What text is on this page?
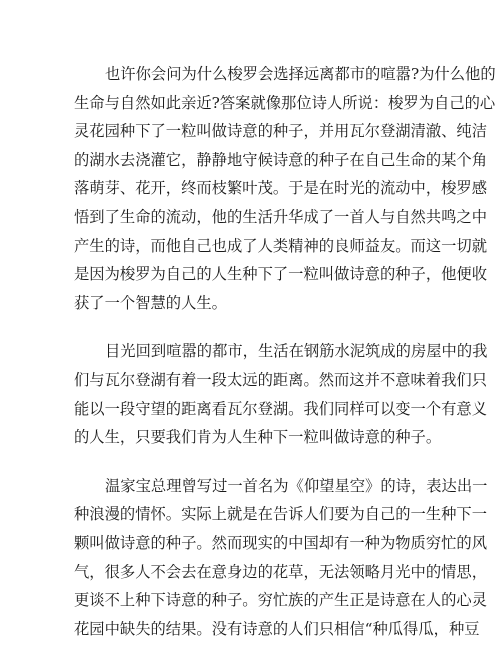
也许你会问为什么梭罗会选择远离都市的喧嚣?为什么他的
生命与自然如此亲近?答案就像那位诗人所说：梭罗为自己的心
灵花园种下了一粒叫做诗意的种子，并用瓦尔登湖清澈、纯洁
的湖水去浇灌它，静静地守候诗意的种子在自己生命的某个角
落萌芽、花开，终而枝繁叶茂。于是在时光的流动中，梭罗感
悟到了生命的流动，他的生活升华成了一首人与自然共鸣之中
产生的诗，而他自己也成了人类精神的良师益友。而这一切就
是因为梭罗为自己的人生种下了一粒叫做诗意的种子，他便收
获了一个智慧的人生。
目光回到喧嚣的都市，生活在钢筋水泥筑成的房屋中的我
们与瓦尔登湖有着一段太远的距离。然而这并不意味着我们只
能以一段守望的距离看瓦尔登湖。我们同样可以变一个有意义
的人生，只要我们肯为人生种下一粒叫做诗意的种子。
温家宝总理曾写过一首名为《仰望星空》的诗，表达出一
种浪漫的情怀。实际上就是在告诉人们要为自己的一生种下一
颗叫做诗意的种子。然而现实的中国却有一种为物质穷忙的风
气，很多人不会去在意身边的花草，无法领略月光中的情思，
更谈不上种下诗意的种子。穷忙族的产生正是诗意在人的心灵
花园中缺失的结果。没有诗意的人们只相信“种瓜得瓜，种豆
